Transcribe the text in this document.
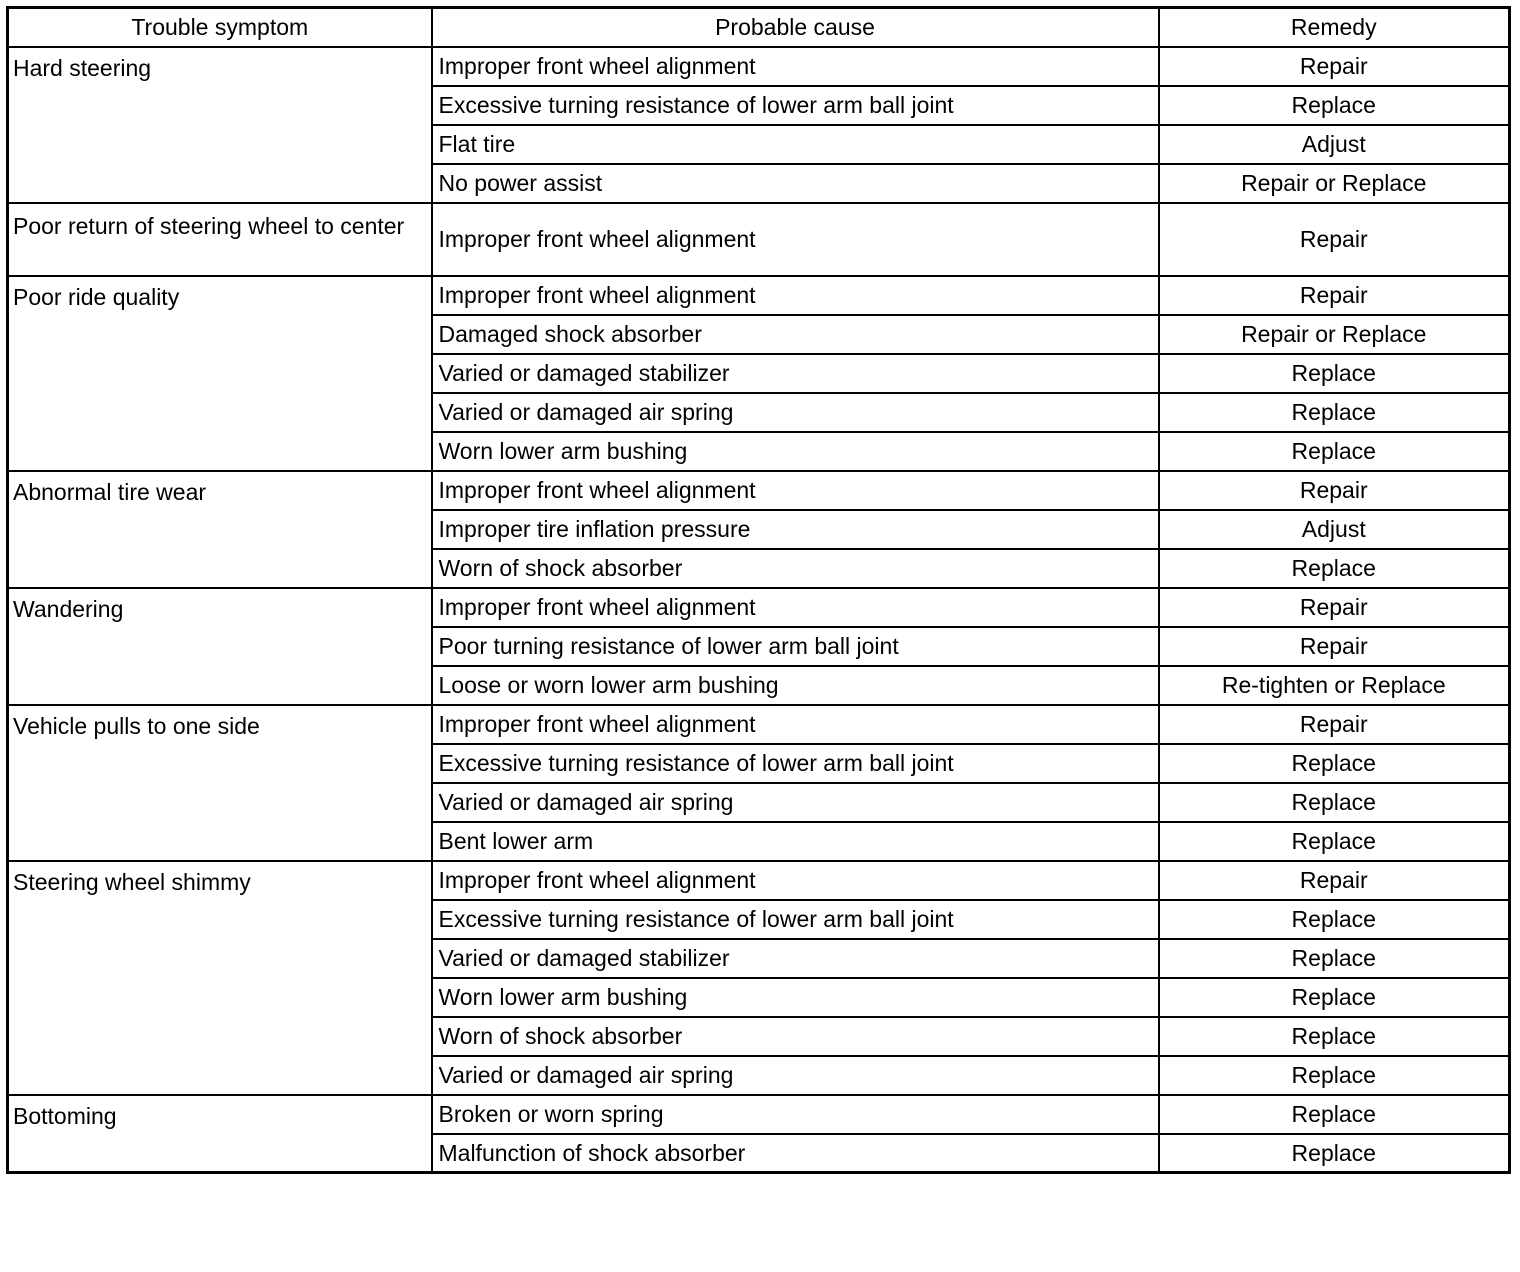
Trouble symptom	Probable cause	Remedy
Hard steering	Improper front wheel alignment	Repair
	Excessive turning resistance of lower arm ball joint	Replace
	Flat tire	Adjust
	No power assist	Repair or Replace
Poor return of steering wheel to center	Improper front wheel alignment	Repair
Poor ride quality	Improper front wheel alignment	Repair
	Damaged shock absorber	Repair or Replace
	Varied or damaged stabilizer	Replace
	Varied or damaged air spring	Replace
	Worn lower arm bushing	Replace
Abnormal tire wear	Improper front wheel alignment	Repair
	Improper tire inflation pressure	Adjust
	Worn of shock absorber	Replace
Wandering	Improper front wheel alignment	Repair
	Poor turning resistance of lower arm ball joint	Repair
	Loose or worn lower arm bushing	Re-tighten or Replace
Vehicle pulls to one side	Improper front wheel alignment	Repair
	Excessive turning resistance of lower arm ball joint	Replace
	Varied or damaged air spring	Replace
	Bent lower arm	Replace
Steering wheel shimmy	Improper front wheel alignment	Repair
	Excessive turning resistance of lower arm ball joint	Replace
	Varied or damaged stabilizer	Replace
	Worn lower arm bushing	Replace
	Worn of shock absorber	Replace
	Varied or damaged air spring	Replace
Bottoming	Broken or worn spring	Replace
	Malfunction of shock absorber	Replace
